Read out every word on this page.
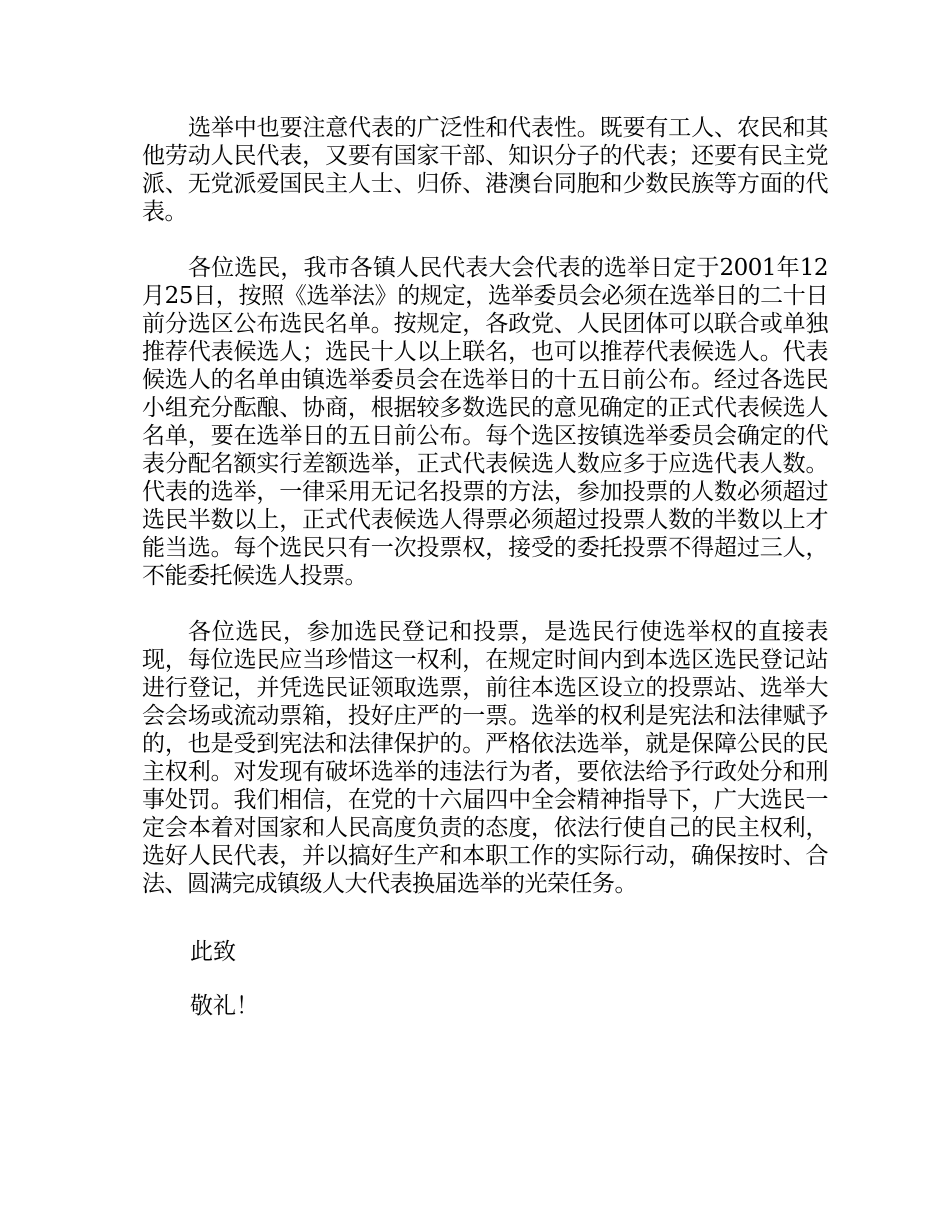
选举中也要注意代表的广泛性和代表性。既要有工人、农民和其他劳动人民代表，又要有国家干部、知识分子的代表；还要有民主党派、无党派爱国民主人士、归侨、港澳台同胞和少数民族等方面的代表。

各位选民，我市各镇人民代表大会代表的选举日定于2001年12月25日，按照《选举法》的规定，选举委员会必须在选举日的二十日前分选区公布选民名单。按规定，各政党、人民团体可以联合或单独推荐代表候选人；选民十人以上联名，也可以推荐代表候选人。代表候选人的名单由镇选举委员会在选举日的十五日前公布。经过各选民小组充分酝酿、协商，根据较多数选民的意见确定的正式代表候选人名单，要在选举日的五日前公布。每个选区按镇选举委员会确定的代表分配名额实行差额选举，正式代表候选人数应多于应选代表人数。代表的选举，一律采用无记名投票的方法，参加投票的人数必须超过选民半数以上，正式代表候选人得票必须超过投票人数的半数以上才能当选。每个选民只有一次投票权，接受的委托投票不得超过三人，不能委托候选人投票。

各位选民，参加选民登记和投票，是选民行使选举权的直接表现，每位选民应当珍惜这一权利，在规定时间内到本选区选民登记站进行登记，并凭选民证领取选票，前往本选区设立的投票站、选举大会会场或流动票箱，投好庄严的一票。选举的权利是宪法和法律赋予的，也是受到宪法和法律保护的。严格依法选举，就是保障公民的民主权利。对发现有破坏选举的违法行为者，要依法给予行政处分和刑事处罚。我们相信，在党的十六届四中全会精神指导下，广大选民一定会本着对国家和人民高度负责的态度，依法行使自己的民主权利，选好人民代表，并以搞好生产和本职工作的实际行动，确保按时、合法、圆满完成镇级人大代表换届选举的光荣任务。

此致

敬礼！
